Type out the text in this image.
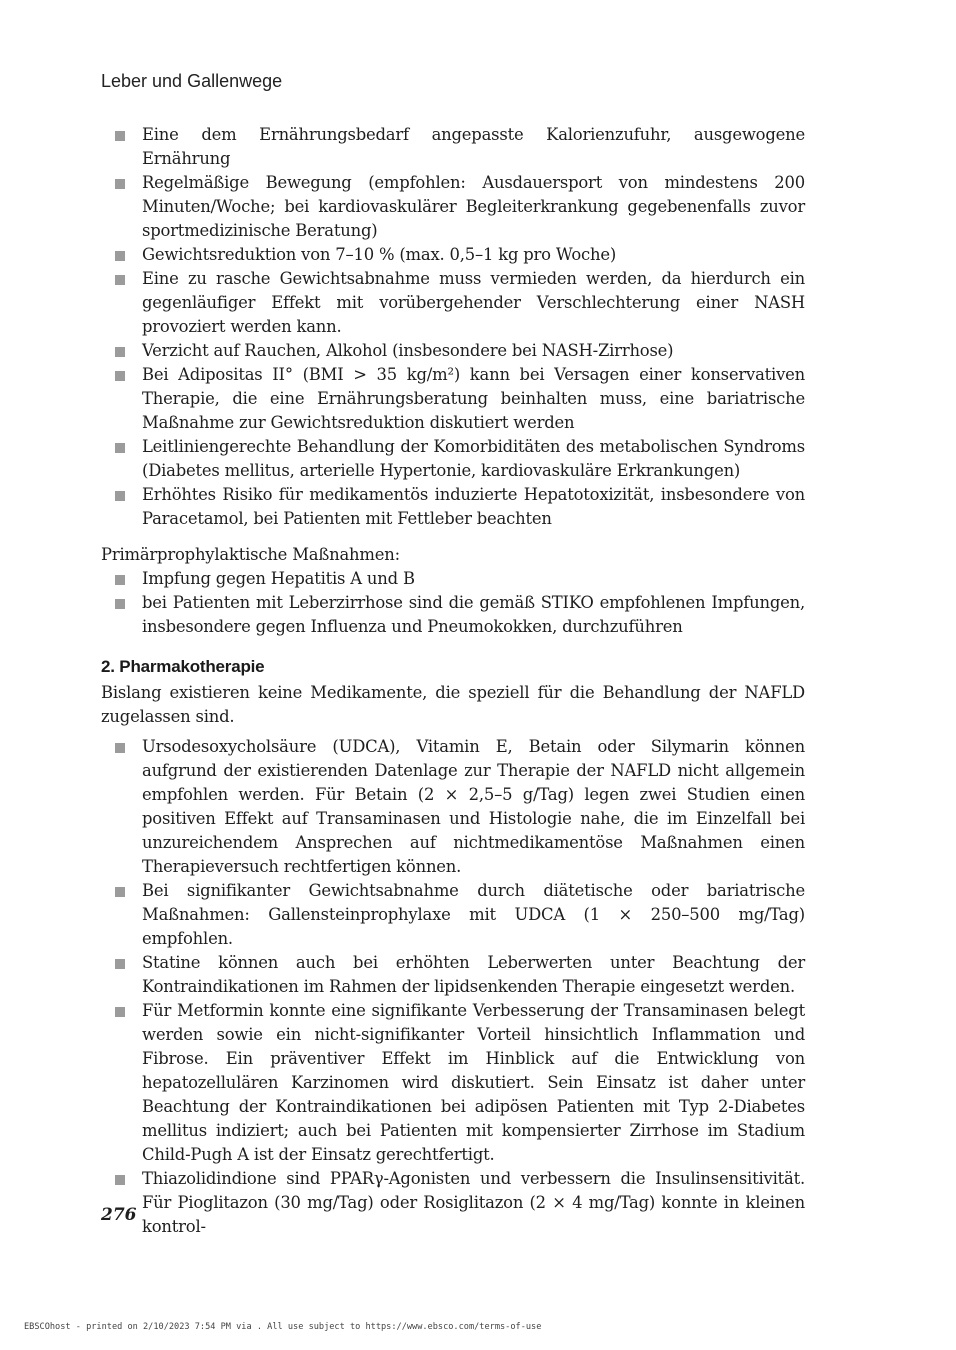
Leber und Gallenwege
Eine dem Ernährungsbedarf angepasste Kalorienzufuhr, ausgewogene Ernährung
Regelmäßige Bewegung (empfohlen: Ausdauersport von mindestens 200 Minuten/Woche; bei kardiovaskulärer Begleiterkrankung gegebenenfalls zuvor sportmedizinische Beratung)
Gewichtsreduktion von 7–10 % (max. 0,5–1 kg pro Woche)
Eine zu rasche Gewichtsabnahme muss vermieden werden, da hierdurch ein gegenläufiger Effekt mit vorübergehender Verschlechterung einer NASH provoziert werden kann.
Verzicht auf Rauchen, Alkohol (insbesondere bei NASH-Zirrhose)
Bei Adipositas II° (BMI > 35 kg/m²) kann bei Versagen einer konservativen Therapie, die eine Ernährungsberatung beinhalten muss, eine bariatrische Maßnahme zur Gewichtsreduktion diskutiert werden
Leitliniengerechte Behandlung der Komorbiditäten des metabolischen Syndroms (Diabetes mellitus, arterielle Hypertonie, kardiovaskuläre Erkrankungen)
Erhöhtes Risiko für medikamentös induzierte Hepatotoxizität, insbesondere von Paracetamol, bei Patienten mit Fettleber beachten

Primärprophylaktische Maßnahmen:

Impfung gegen Hepatitis A und B
bei Patienten mit Leberzirrhose sind die gemäß STIKO empfohlenen Impfungen, insbesondere gegen Influenza und Pneumokokken, durchzuführen
2. Pharmakotherapie

Bislang existieren keine Medikamente, die speziell für die Behandlung der NAFLD zugelassen sind.

Ursodesoxycholsäure (UDCA), Vitamin E, Betain oder Silymarin können aufgrund der existierenden Datenlage zur Therapie der NAFLD nicht allgemein empfohlen werden. Für Betain (2 × 2,5–5 g/Tag) legen zwei Studien einen positiven Effekt auf Transaminasen und Histologie nahe, die im Einzelfall bei unzureichendem Ansprechen auf nichtmedikamentöse Maßnahmen einen Therapieversuch rechtfertigen können.
Bei signifikanter Gewichtsabnahme durch diätetische oder bariatrische Maßnahmen: Gallensteinprophylaxe mit UDCA (1 × 250–500 mg/Tag) empfohlen.
Statine können auch bei erhöhten Leberwerten unter Beachtung der Kontraindikationen im Rahmen der lipidsenkenden Therapie eingesetzt werden.
Für Metformin konnte eine signifikante Verbesserung der Transaminasen belegt werden sowie ein nicht-signifikanter Vorteil hinsichtlich Inflammation und Fibrose. Ein präventiver Effekt im Hinblick auf die Entwicklung von hepatozellulären Karzinomen wird diskutiert. Sein Einsatz ist daher unter Beachtung der Kontraindikationen bei adipösen Patienten mit Typ 2-Diabetes mellitus indiziert; auch bei Patienten mit kompensierter Zirrhose im Stadium Child-Pugh A ist der Einsatz gerechtfertigt.
Thiazolidindione sind PPARγ-Agonisten und verbessern die Insulinsensitivität. Für Pioglitazon (30 mg/Tag) oder Rosiglitazon (2 × 4 mg/Tag) konnte in kleinen kontrol-
276
EBSCOhost - printed on 2/10/2023 7:54 PM via . All use subject to https://www.ebsco.com/terms-of-use
